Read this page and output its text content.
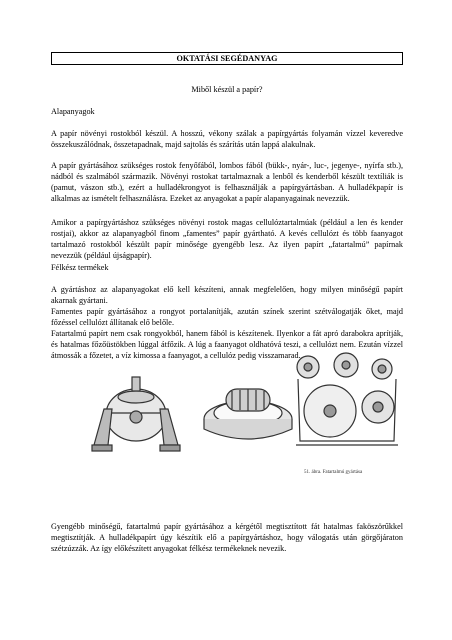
OKTATÁSI SEGÉDANYAG

Miből készül a papír?

Alapanyagok

A papír növényi rostokból készül. A hosszú, vékony szálak a papírgyártás folyamán vízzel keveredve összekuszálódnak, összetapadnak, majd sajtolás és szárítás után lappá alakulnak.

A papír gyártásához szükséges rostok fenyőfából, lombos fából (bükk-, nyár-, luc-, jegenye-, nyírfa stb.), nádból és szalmából származik. Növényi rostokat tartalmaznak a lenből és kenderből készült textíliák is (pamut, vászon stb.), ezért a hulladékrongyot is felhasználják a papírgyártásban. A hulladékpapír is alkalmas az ismételt felhasználásra. Ezeket az anyagokat a papír alapanyagainak nevezzük.

Amikor a papírgyártáshoz szükséges növényi rostok magas cellulóztartalmúak (például a len és kender rostjai), akkor az alapanyagból finom „famentes” papír gyártható. A kevés cellulózt és több faanyagot tartalmazó rostokból készült papír minősége gyengébb lesz. Az ilyen papírt „fatartalmú” papírnak nevezzük (például újságpapír).

Félkész termékek

A gyártáshoz az alapanyagokat elő kell készíteni, annak megfelelően, hogy milyen minőségű papírt akarnak gyártani.

Famentes papír gyártásához a rongyot portalanítják, azután színek szerint szétválogatják őket, majd főzéssel cellulózt állítanak elő belőle.

Fatartalmú papírt nem csak rongyokból, hanem fából is készítenek. Ilyenkor a fát apró darabokra aprítják, és hatalmas főzőüstökben lúggal átfőzik. A lúg a faanyagot oldhatóvá teszi, a cellulózt nem. Ezután vízzel átmossák a főzetet, a víz kimossa a faanyagot, a cellulóz pedig visszamarad.

51. ábra. Fatartalmú gyártása

Gyengébb minőségű, fatartalmú papír gyártásához a kérgétől megtisztított fát hatalmas faköszörűkkel megtisztítják. A hulladékpapírt úgy készítik elő a papírgyártáshoz, hogy válogatás után görgőjáraton szétzúzzák. Az így előkészített anyagokat félkész termékeknek nevezik.
